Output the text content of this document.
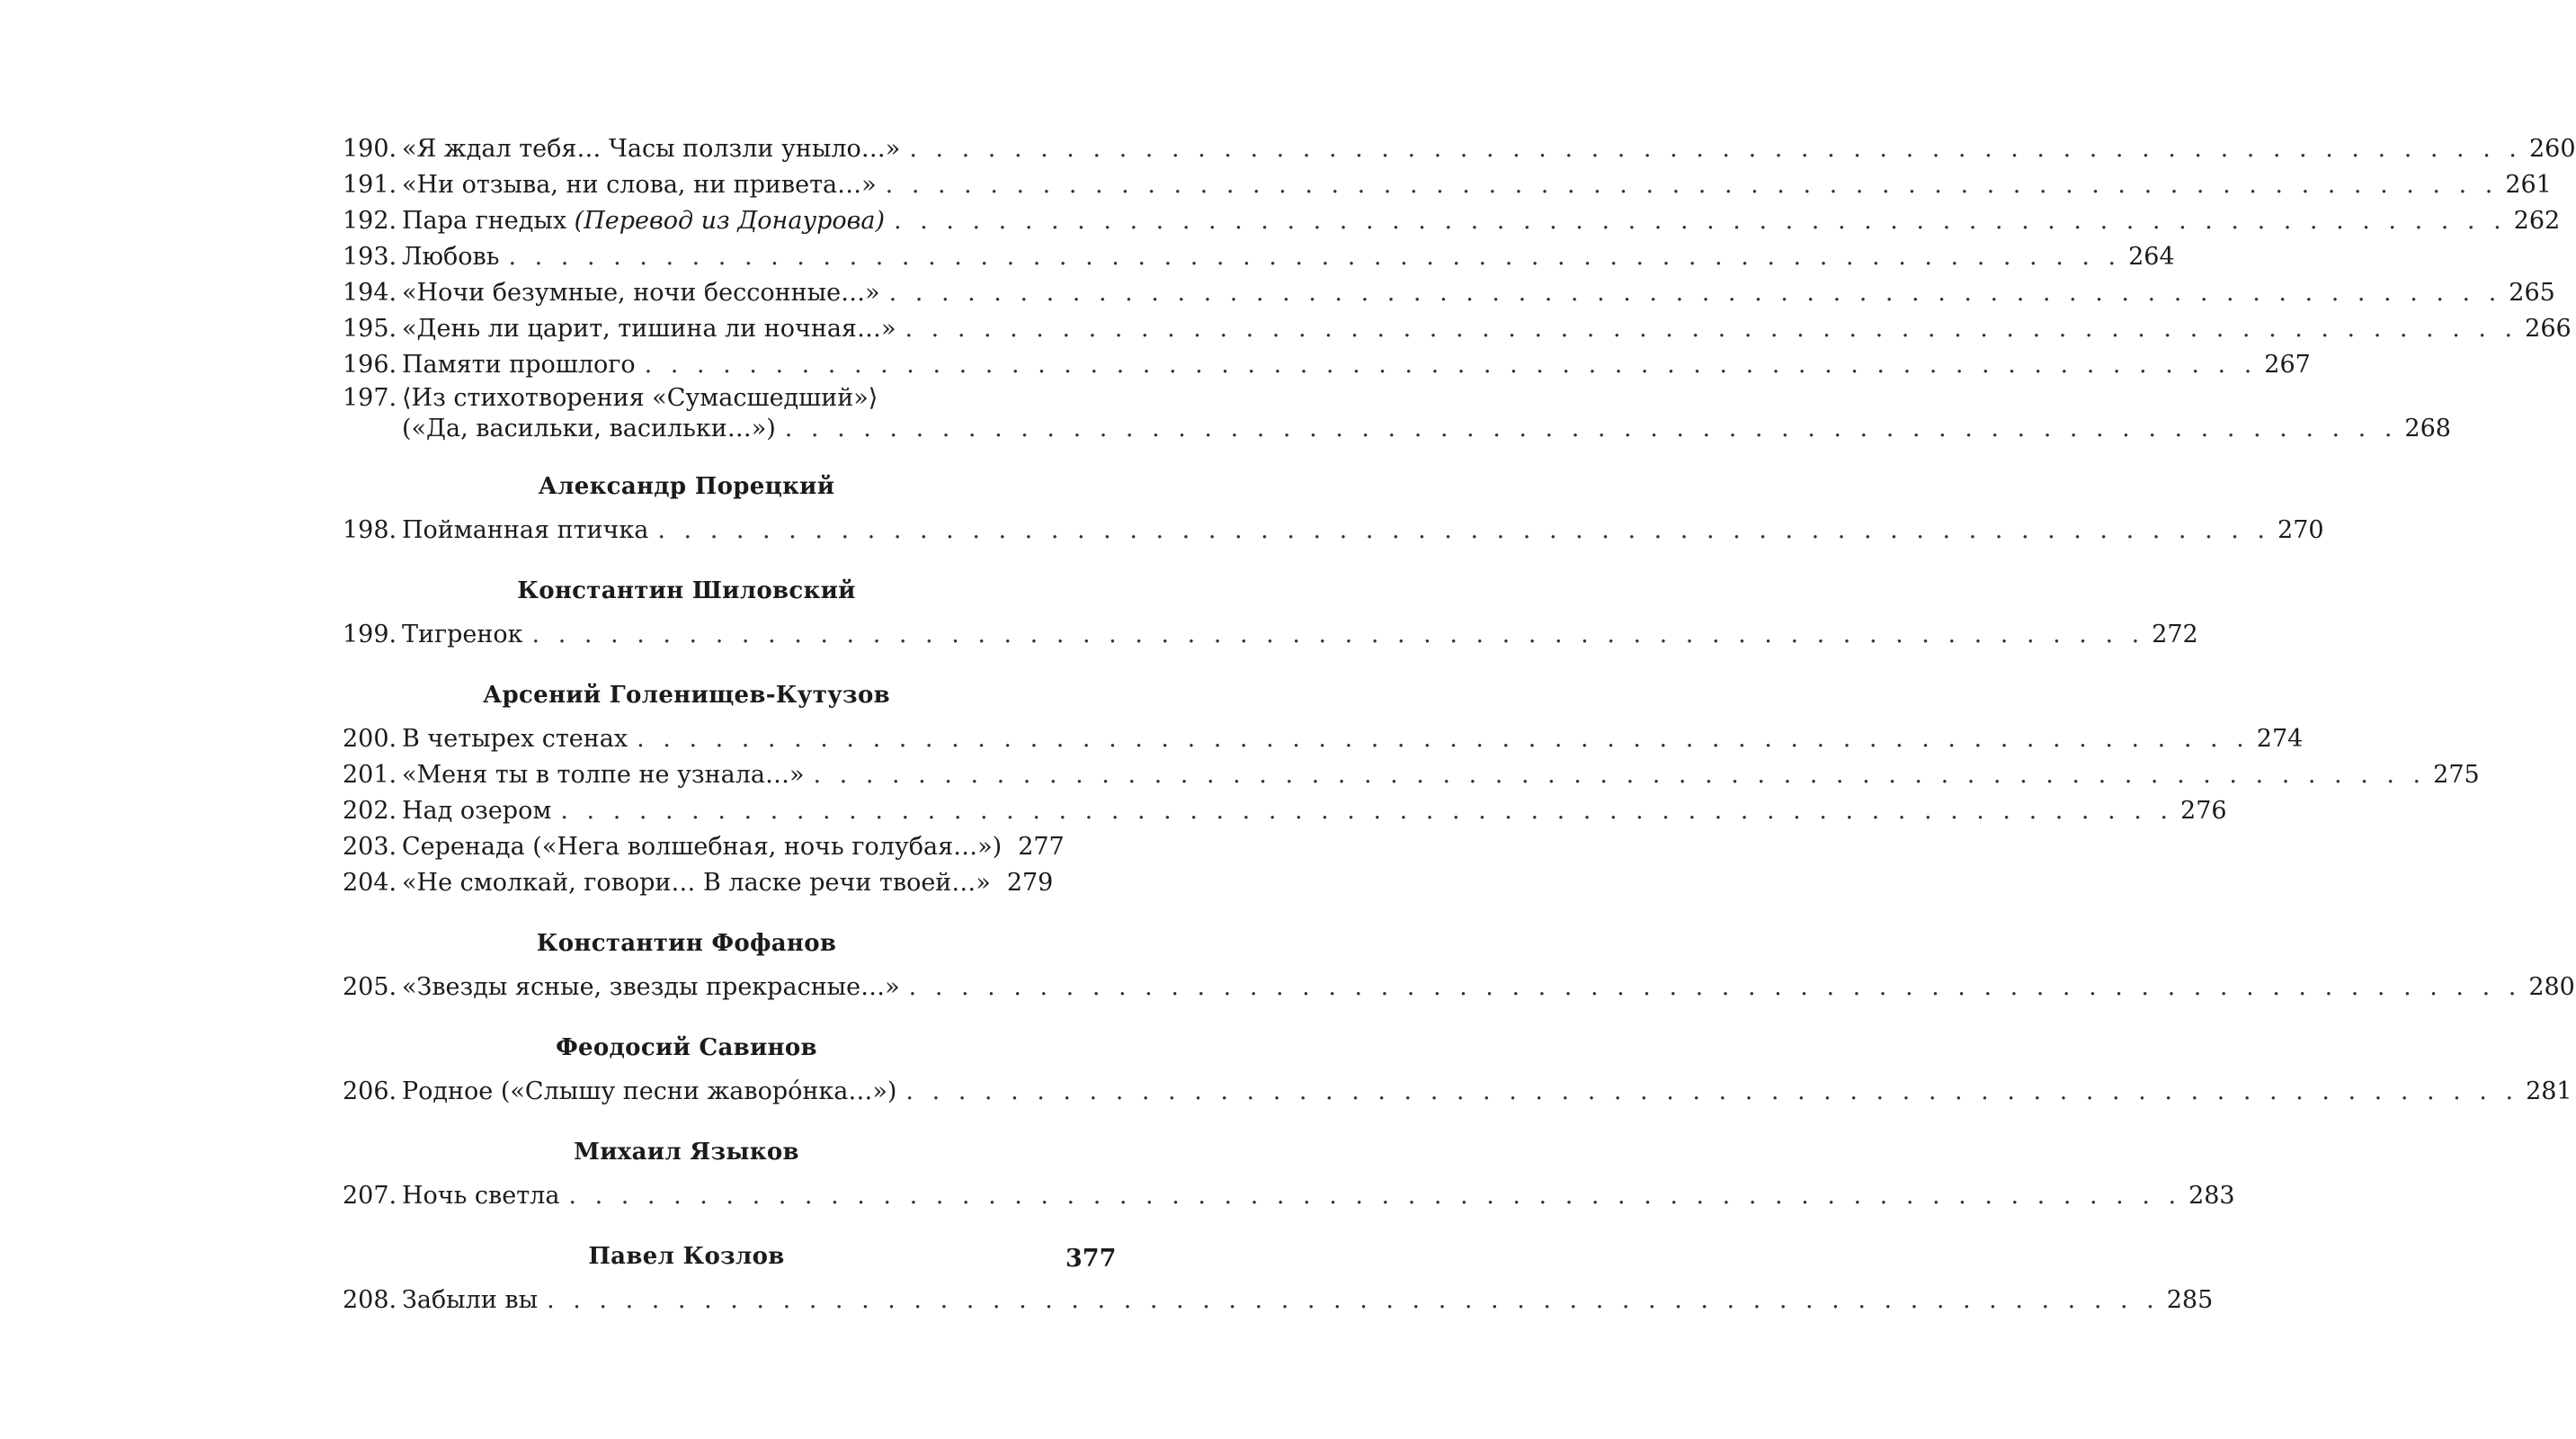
190. «Я ждал тебя… Часы ползли уныло…» . . . . . . . . . . . . . . . . . . . . . . . . . . . . . . . . . . . . . . . . . . . . . . . . . . . . . . . . . . . . . . 260
191. «Ни отзыва, ни слова, ни привета…» . . . . . . . . . . . . . . . . . . . . . . . . . . . . . . . . . . . . . . . . . . . . . . . . . . . . . . . . . . . . . . 261
192. Пара гнедых (Перевод из Донаурова) . . . . . . . . . . . . . . . . . . . . . . . . . . . . . . . . . . . . . . . . . . . . . . . . . . . . . . . . . . . . . . 262
193. Любовь . . . . . . . . . . . . . . . . . . . . . . . . . . . . . . . . . . . . . . . . . . . . . . . . . . . . . . . . . . . . . . 264
194. «Ночи безумные, ночи бессонные…» . . . . . . . . . . . . . . . . . . . . . . . . . . . . . . . . . . . . . . . . . . . . . . . . . . . . . . . . . . . . . . 265
195. «День ли царит, тишина ли ночная…» . . . . . . . . . . . . . . . . . . . . . . . . . . . . . . . . . . . . . . . . . . . . . . . . . . . . . . . . . . . . . . 266
196. Памяти прошлого . . . . . . . . . . . . . . . . . . . . . . . . . . . . . . . . . . . . . . . . . . . . . . . . . . . . . . . . . . . . . . 267
197. ⟨Из стихотворения «Сумасшедший»⟩
(«Да, васильки, васильки…») . . . . . . . . . . . . . . . . . . . . . . . . . . . . . . . . . . . . . . . . . . . . . . . . . . . . . . . . . . . . . . 268
Александр Порецкий
198. Пойманная птичка . . . . . . . . . . . . . . . . . . . . . . . . . . . . . . . . . . . . . . . . . . . . . . . . . . . . . . . . . . . . . . 270
Константин Шиловский
199. Тигренок . . . . . . . . . . . . . . . . . . . . . . . . . . . . . . . . . . . . . . . . . . . . . . . . . . . . . . . . . . . . . . 272
Арсений Голенищев-Кутузов
200. В четырех стенах . . . . . . . . . . . . . . . . . . . . . . . . . . . . . . . . . . . . . . . . . . . . . . . . . . . . . . . . . . . . . . 274
201. «Меня ты в толпе не узнала…» . . . . . . . . . . . . . . . . . . . . . . . . . . . . . . . . . . . . . . . . . . . . . . . . . . . . . . . . . . . . . . 275
202. Над озером . . . . . . . . . . . . . . . . . . . . . . . . . . . . . . . . . . . . . . . . . . . . . . . . . . . . . . . . . . . . . . 276
203. Серенада («Нега волшебная, ночь голубая…») 277
204. «Не смолкай, говори… В ласке речи твоей…» 279
Константин Фофанов
205. «Звезды ясные, звезды прекрасные…» . . . . . . . . . . . . . . . . . . . . . . . . . . . . . . . . . . . . . . . . . . . . . . . . . . . . . . . . . . . . . . 280
Феодосий Савинов
206. Родное («Слышу песни жаворóнка…») . . . . . . . . . . . . . . . . . . . . . . . . . . . . . . . . . . . . . . . . . . . . . . . . . . . . . . . . . . . . . . 281
Михаил Языков
207. Ночь светла . . . . . . . . . . . . . . . . . . . . . . . . . . . . . . . . . . . . . . . . . . . . . . . . . . . . . . . . . . . . . . 283
Павел Козлов
208. Забыли вы . . . . . . . . . . . . . . . . . . . . . . . . . . . . . . . . . . . . . . . . . . . . . . . . . . . . . . . . . . . . . . 285
377
